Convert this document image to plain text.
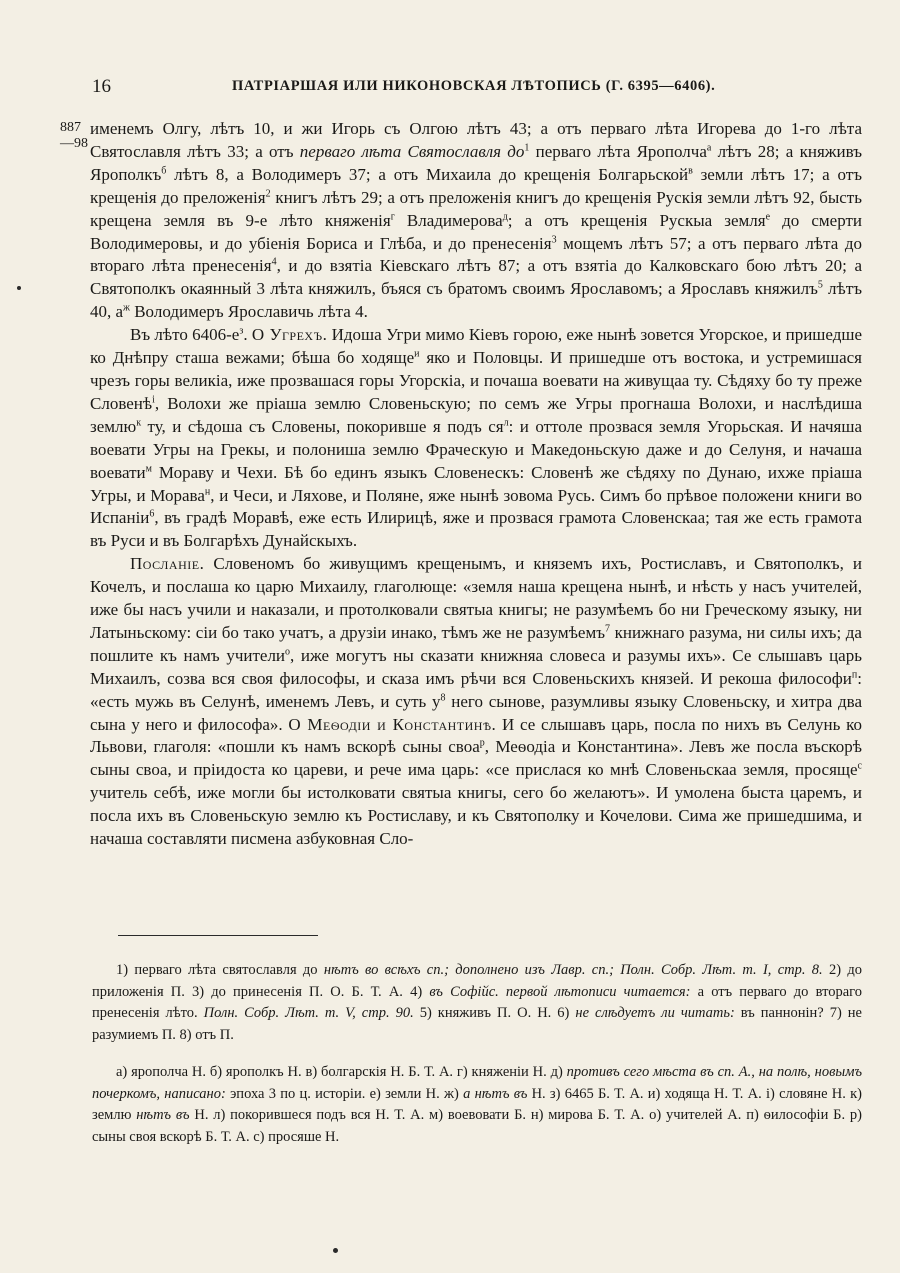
16	ПАТРІАРШАЯ ИЛИ НИКОНОВСКАЯ ЛѢТОПИСЬ (Г. 6395—6406).
887
—98

именемъ Олгу, лѣтъ 10, и жи Игорь съ Олгою лѣтъ 43; а отъ перваго лѣта Игорева до 1-го лѣта Святославля лѣтъ 33; а отъ перваго лѣта Святославля $до^1$ перваго лѣта Ярополча$^а$ лѣтъ 28; а княживъ Ярополкъ$^б$ лѣтъ 8, а Володимеръ 37; а отъ Михаила до крещенія Болгарьской$^в$ земли лѣтъ 17; а отъ крещенія до преложенія$^2$ книгъ лѣтъ 29; а отъ преложенія книгъ до крещенія Рускія земли лѣтъ 92, бысть крещена земля въ 9-е лѣто княженія$^г$ Владимерова$^д$; а отъ крещенія Рускыа земля$^е$ до смерти Володимеровы, и до убіенія Бориса и Глѣба, и до пренесенія$^3$ мощемъ лѣтъ 57; а отъ перваго лѣта до втораго лѣта пренесенія$^4$, и до взятіа Кіевскаго лѣтъ 87; а отъ взятіа до Калковскаго бою лѣтъ 20; а Святополкъ окаянный 3 лѣта княжилъ, бъяся съ братомъ своимъ Ярославомъ; а Ярославъ княжилъ$^5$ лѣтъ 40, $а^ж$ Володимеръ Ярославичь лѣта 4.

Въ лѣто $6406-е^з$. О Угрехъ. Идоша Угри мимо Кіевъ горою, еже нынѣ зовется Угорское, и пришедше ко Днѣпру сташа вежами; бѣша бо ходяще$^и$ яко и Половцы. И пришедше отъ востока, и устремишася чрезъ горы великіа, иже прозвашася горы Угорскіа, и почаша воевати на живущаа ту. Сѣдяху бо ту преже Словенѣ$^і$, Волохи же пріаша землю Словеньскую; по семъ же Угры прогнаша Волохи, и наслѣдиша землю$^к$ ту, и сѣдоша съ Словены, покоривше я подъ $ся^л$: и оттоле прозвася земля Угорьская. И начяша воевати Угры на Грекы, и полониша землю Фраческую и Македоньскую даже и до Селуня, и начаша воевати$^м$ Мораву и Чехи. Бѣ бо единъ языкъ Словенескъ: Словенѣ же сѣдяху по Дунаю, ихже пріаша Угры, и Морава$^н$, и Чеси, и Ляхове, и Поляне, яже нынѣ зовома Русь. Симъ бо прѣвое положени книги во Испаніи$^6$, въ градѣ Моравѣ, еже есть Илирицѣ, яже и прозвася грамота Словенскаа; тая же есть грамота въ Руси и въ Болгарѣхъ Дунайскыхъ.

Посланіе. Словеномъ бо живущимъ крещенымъ, и княземъ ихъ, Ростиславъ, и Святополкъ, и Кочелъ, и послаша ко царю Михаилу, глаголюще: «земля наша крещена нынѣ, и нѣсть у насъ учителей, иже бы насъ учили и наказали, и протолковали святыа книгы; не разумѣемъ бо ни Греческому языку, ни Латыньскому: сіи бо тако учатъ, а друзіи инако, тѣмъ же не разумѣемъ$^7$ книжнаго разума, ни силы ихъ; да пошлите къ намъ учители$^о$, иже могутъ ны сказати книжняа словеса и разумы ихъ». Се слышавъ царь Михаилъ, созва вся своя философы, и сказа имъ рѣчи вся Словеньскихъ князей. И рекоша философи$^п$: «есть мужь въ Селунѣ, именемъ Левъ, и суть $у^8$ него сынове, разумливы языку Словеньску, и хитра два сына у него и философа». О Меѳодіи и Константинѣ. И се слышавъ царь, посла по нихъ въ Селунь ко Львови, глаголя: «пошли къ намъ вскорѣ сыны своа$^р$, Меѳодіа и Константина». Левъ же посла въскорѣ сыны своа, и пріидоста ко цареви, и рече има царь: «се прислася ко мнѣ Словеньскаа земля, просяще$^с$ учитель себѣ, иже могли бы истолковати святыа книгы, сего бо желаютъ». И умолена быста царемъ, и посла ихъ въ Словеньскую землю къ Ростиславу, и къ Святополку и Кочелови. Сима же пришедшима, и начаша составляти писмена азбуковная Сло-

1) перваго лѣта святославля до нѣтъ во всѣхъ сп.; дополнено изъ Лавр. сп.; Полн. Собр. Лѣт. т. I, стр. 8. 2) до приложенія П. 3) до принесенія П. О. Б. Т. А. 4) въ Софійс. первой лѣтописи читается: а отъ перваго до втораго пренесенія лѣто. Полн. Собр. Лѣт. т. V, стр. 90. 5) княживъ П. О. Н. 6) не слѣдуетъ ли читать: въ паннонін? 7) не разумиемъ П. 8) отъ П.

а) ярополча Н. б) ярополкъ Н. в) болгарскія Н. Б. Т. А. г) княженіи Н. д) противъ сего мѣста въ сп. А., на полѣ, новымъ почеркомъ, написано: эпоха 3 по ц. исторіи. е) земли Н. ж) а нѣтъ въ Н. з) 6465 Б. Т. А. и) ходяща Н. Т. А. і) словяне Н. к) землю нѣтъ въ Н. л) покорившеся подъ вся Н. Т. А. м) воевовати Б. н) мирова Б. Т. А. о) учителей А. п) ѳилософіи Б. р) сыны своя вскорѣ Б. Т. А. с) просяше Н.
